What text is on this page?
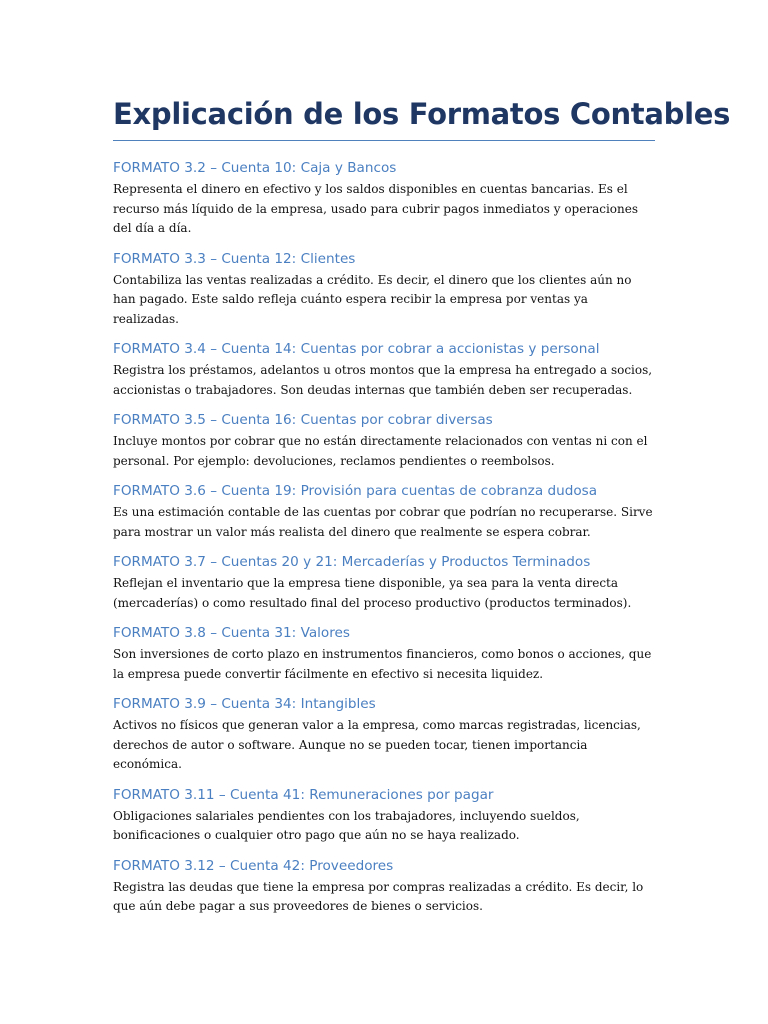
Explicación de los Formatos Contables
FORMATO 3.2 – Cuenta 10: Caja y Bancos

Representa el dinero en efectivo y los saldos disponibles en cuentas bancarias. Es el recurso más líquido de la empresa, usado para cubrir pagos inmediatos y operaciones del día a día.

FORMATO 3.3 – Cuenta 12: Clientes

Contabiliza las ventas realizadas a crédito. Es decir, el dinero que los clientes aún no han pagado. Este saldo refleja cuánto espera recibir la empresa por ventas ya realizadas.

FORMATO 3.4 – Cuenta 14: Cuentas por cobrar a accionistas y personal

Registra los préstamos, adelantos u otros montos que la empresa ha entregado a socios, accionistas o trabajadores. Son deudas internas que también deben ser recuperadas.

FORMATO 3.5 – Cuenta 16: Cuentas por cobrar diversas

Incluye montos por cobrar que no están directamente relacionados con ventas ni con el personal. Por ejemplo: devoluciones, reclamos pendientes o reembolsos.

FORMATO 3.6 – Cuenta 19: Provisión para cuentas de cobranza dudosa

Es una estimación contable de las cuentas por cobrar que podrían no recuperarse. Sirve para mostrar un valor más realista del dinero que realmente se espera cobrar.

FORMATO 3.7 – Cuentas 20 y 21: Mercaderías y Productos Terminados

Reflejan el inventario que la empresa tiene disponible, ya sea para la venta directa (mercaderías) o como resultado final del proceso productivo (productos terminados).

FORMATO 3.8 – Cuenta 31: Valores

Son inversiones de corto plazo en instrumentos financieros, como bonos o acciones, que la empresa puede convertir fácilmente en efectivo si necesita liquidez.

FORMATO 3.9 – Cuenta 34: Intangibles

Activos no físicos que generan valor a la empresa, como marcas registradas, licencias, derechos de autor o software. Aunque no se pueden tocar, tienen importancia económica.

FORMATO 3.11 – Cuenta 41: Remuneraciones por pagar

Obligaciones salariales pendientes con los trabajadores, incluyendo sueldos, bonificaciones o cualquier otro pago que aún no se haya realizado.

FORMATO 3.12 – Cuenta 42: Proveedores

Registra las deudas que tiene la empresa por compras realizadas a crédito. Es decir, lo que aún debe pagar a sus proveedores de bienes o servicios.
